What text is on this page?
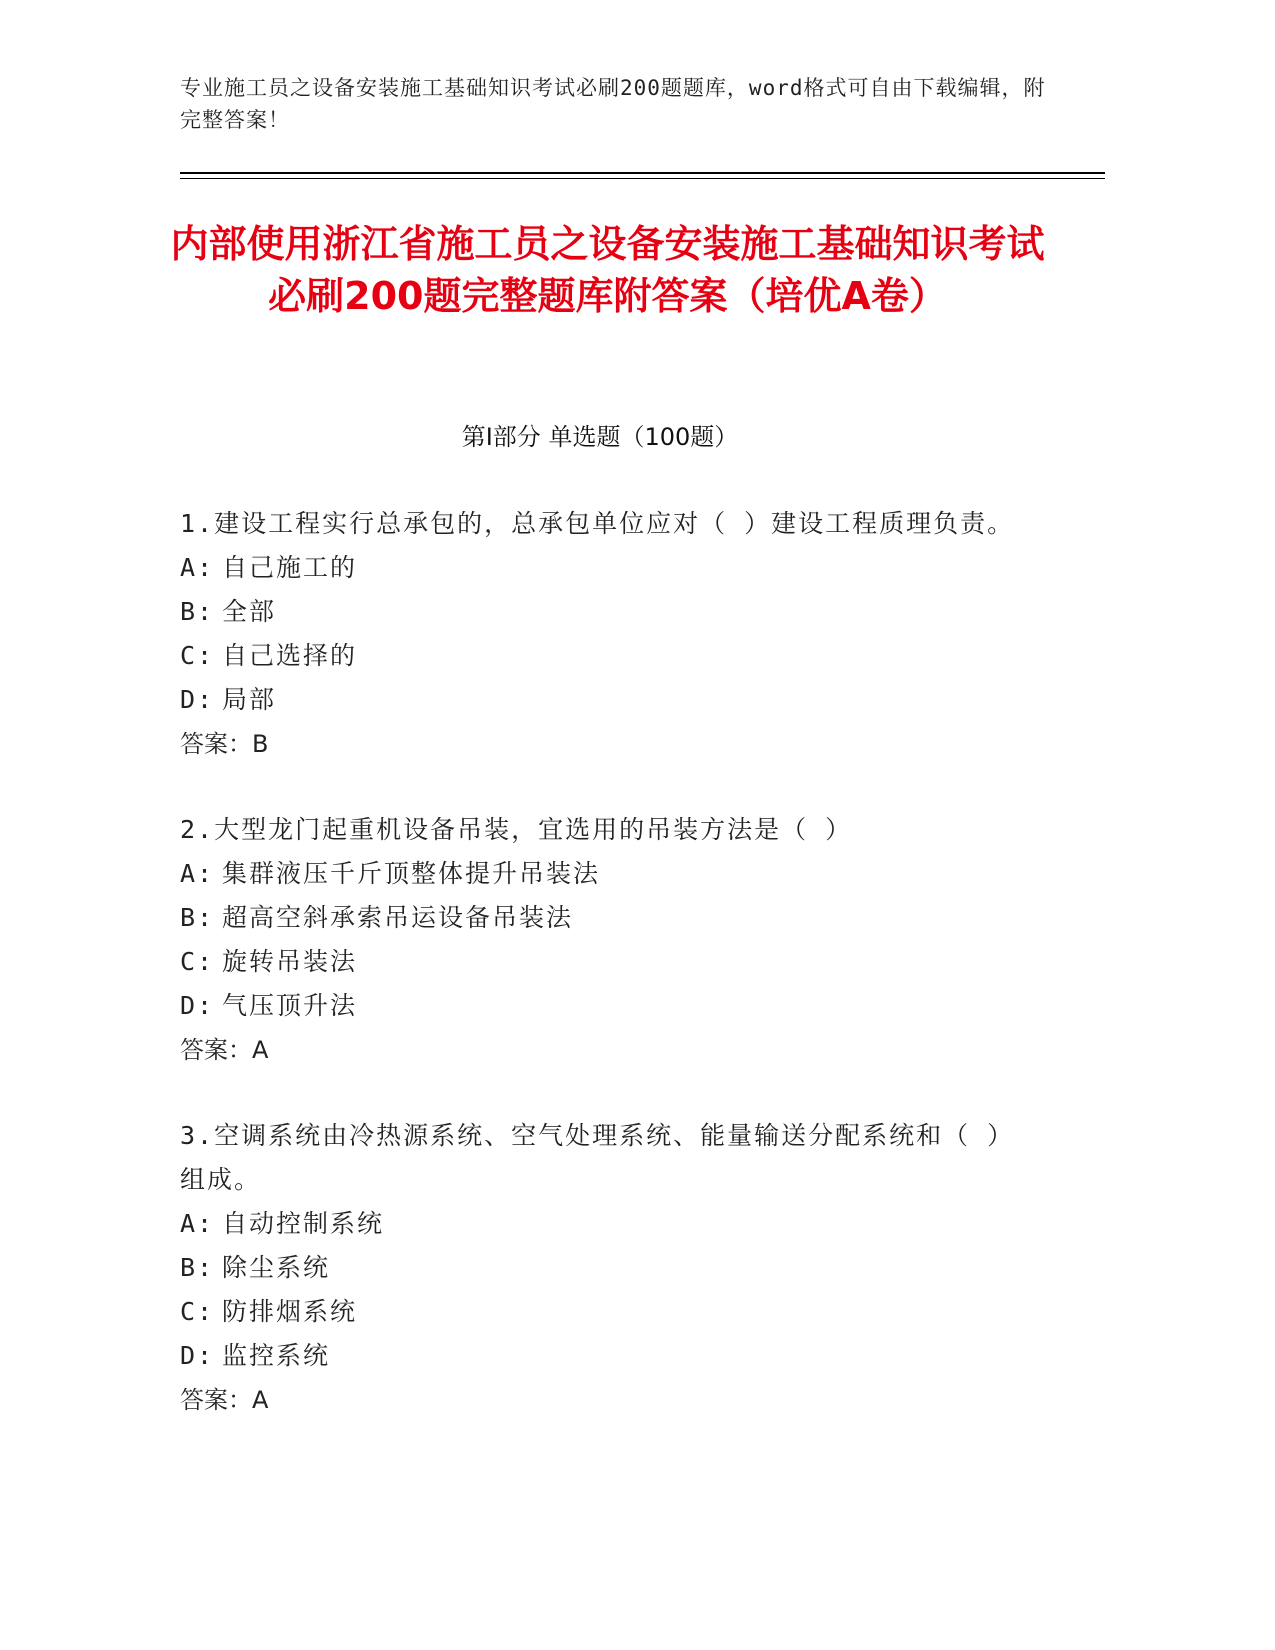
专业施工员之设备安装施工基础知识考试必刷200题题库，word格式可自由下载编辑，附完整答案！
内部使用浙江省施工员之设备安装施工基础知识考试必刷200题完整题库附答案（培优A卷）
第Ⅰ部分 单选题（100题）
1.建设工程实行总承包的，总承包单位应对（ ）建设工程质理负责。
A: 自己施工的
B: 全部
C: 自己选择的
D: 局部
答案：B
2.大型龙门起重机设备吊装，宜选用的吊装方法是（ ）
A: 集群液压千斤顶整体提升吊装法
B: 超高空斜承索吊运设备吊装法
C: 旋转吊装法
D: 气压顶升法
答案：A
3.空调系统由冷热源系统、空气处理系统、能量输送分配系统和（ ）组成。
A: 自动控制系统
B: 除尘系统
C: 防排烟系统
D: 监控系统
答案：A
